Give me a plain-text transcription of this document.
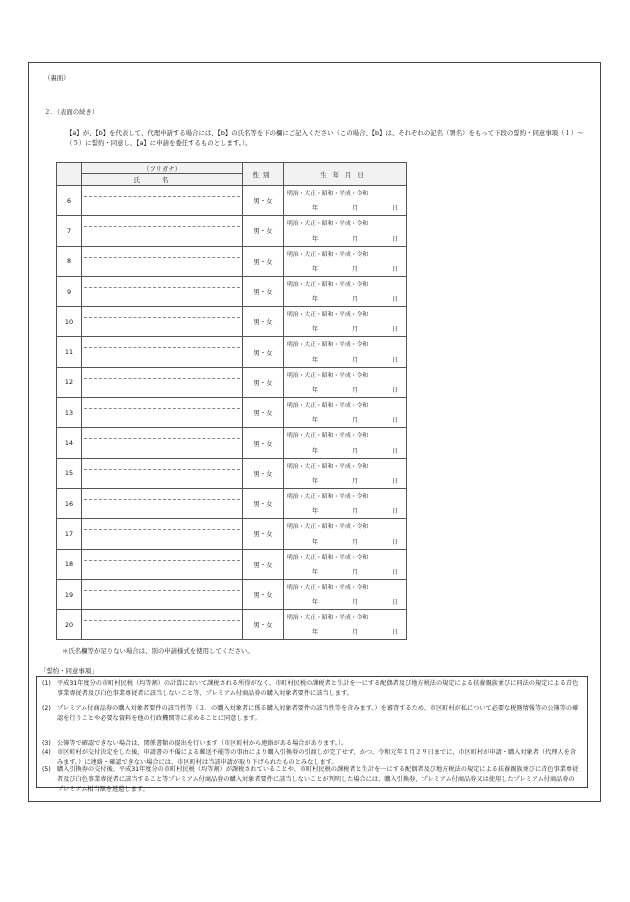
（裏面）
２．（表面の続き）
【a】が、【b】を代表して、代理申請する場合には、【b】の氏名等を下の欄にご記入ください（この場合、【b】は、それぞれの記名（署名）をもって下段の誓約・同意事項（１）～（５）に誓約・同意し、【a】に申請を委任するものとします。）。
	（フリガナ）	性別	生年月日
	氏名		
6		男・女	明治・大正・昭和・平成・令和
年 月 日

7		男・女	明治・大正・昭和・平成・令和
年 月 日

8		男・女	明治・大正・昭和・平成・令和
年 月 日

9		男・女	明治・大正・昭和・平成・令和
年 月 日

10		男・女	明治・大正・昭和・平成・令和
年 月 日

11		男・女	明治・大正・昭和・平成・令和
年 月 日

12		男・女	明治・大正・昭和・平成・令和
年 月 日

13		男・女	明治・大正・昭和・平成・令和
年 月 日

14		男・女	明治・大正・昭和・平成・令和
年 月 日

15		男・女	明治・大正・昭和・平成・令和
年 月 日

16		男・女	明治・大正・昭和・平成・令和
年 月 日

17		男・女	明治・大正・昭和・平成・令和
年 月 日

18		男・女	明治・大正・昭和・平成・令和
年 月 日

19		男・女	明治・大正・昭和・平成・令和
年 月 日

20		男・女	明治・大正・昭和・平成・令和
年 月 日
＊氏名欄等が足りない場合は、別の申請様式を使用してください。
「誓約・同意事項」
(1) 平成31年度分の市町村民税（均等割）の計算において課税される所得がなく、市町村民税の課税者と生計を一にする配偶者及び地方税法の規定による扶養親族並びに同法の規定による青色事業専従者及び白色事業専従者に該当しないこと等、プレミアム付商品券の購入対象者要件に該当します。
(2) プレミアム付商品券の購入対象者要件の該当性等（３．の購入対象者に係る購入対象者要件の該当性等を含みます。）を審査するため、市区町村が私について必要な税務情報等の公簿等の確認を行うことや必要な資料を他の行政機関等に求めることに同意します。
(3) 公簿等で確認できない場合は、関係書類の提出を行います（市区町村から連絡がある場合があります。）。
(4) 市区町村が交付決定をした後、申請書の不備による郵送不能等の事由により購入引換券の引渡しが完了せず、かつ、令和元年１月２９日までに、市区町村が申請・購入対象者（代理人を含みます。）に連絡・確認できない場合には、市区町村は当該申請が取り下げられたものとみなします。
(5) 購入引換券の交付後、平成31年度分の市町村民税（均等割）が課税されていることや、市町村民税の課税者と生計を一にする配偶者及び地方税法の規定による扶養親族並びに青色事業専従者及び白色事業専従者に該当すること等プレミアム付商品券の購入対象者要件に該当しないことが判明した場合には、購入引換券、プレミアム付商品券又は使用したプレミアム付商品券のプレミアム相当額を返還します。
